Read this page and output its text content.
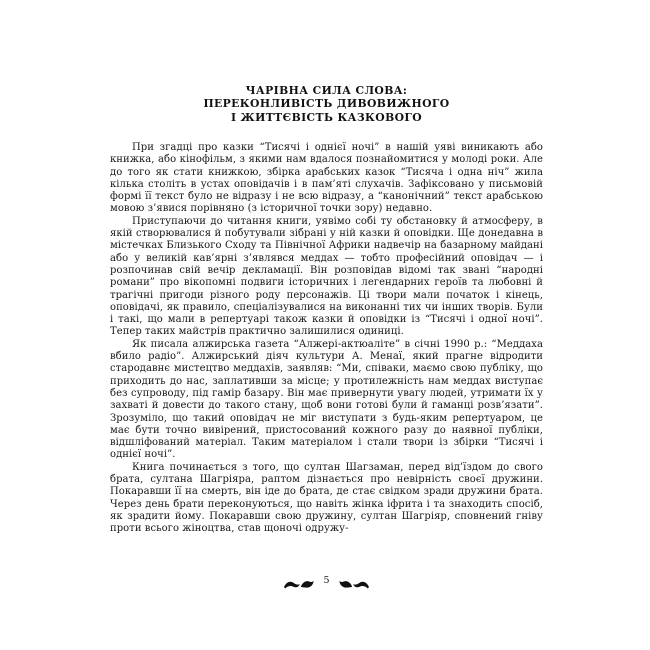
ЧАРІВНА СИЛА СЛОВА:
ПЕРЕКОНЛИВІСТЬ ДИВОВИЖНОГО
І ЖИТТЄВІСТЬ КАЗКОВОГО

При згадці про казки “Тисячі і однієї ночі” в нашій уяві виникають або книжка, або кінофільм, з якими нам вдалося познайомитися у молоді роки. Але до того як стати книжкою, збірка арабських казок “Тисяча і одна ніч” жила кілька століть в устах оповідачів і в пам’яті слухачів. Зафіксовано у письмовій формі її текст було не відразу і не всю відразу, а “канонічний” текст арабською мовою з’явися порівняно (з історичної точки зору) недавно.

Приступаючи до читання книги, уявімо собі ту обстановку й атмосферу, в якій створювалися й побутували зібрані у ній казки й оповідки. Ще донедавна в містечках Близького Сходу та Північної Африки надвечір на базарному майдані або у великій кав’ярні з’являвся меддах — тобто професійний оповідач — і розпочинав свій вечір декламації. Він розповідав відомі так звані “народні романи” про вікопомні подвиги історичних і легендарних героїв та любовні й трагічні пригоди різного роду персонажів. Ці твори мали початок і кінець, оповідачі, як правило, спеціалізувалися на виконанні тих чи інших творів. Були і такі, що мали в репертуарі також казки й оповідки із “Тисячі і одної ночі”. Тепер таких майстрів практично залишилися одиниці.

Як писала алжирська газета “Алжері-актюаліте” в січні 1990 р.: “Меддаха вбило радіо”. Алжирський діяч культури А. Менаї, який прагне відродити стародавнє мистецтво меддахів, заявляв: “Ми, співаки, маємо свою публіку, що приходить до нас, заплативши за місце; у протилежність нам меддах виступає без супроводу, під гамір базару. Він має привернути увагу людей, утримати їх у захваті й довести до такого стану, щоб вони готові були й гаманці розв’язати”. Зрозуміло, що такий оповідач не міг виступати з будь-яким репертуаром, це має бути точно вивірений, пристосований кожного разу до наявної публіки, відшліфований матеріал. Таким матеріалом і стали твори із збірки “Тисячі і однієї ночі”.

Книга починається з того, що султан Шагзаман, перед від’їздом до свого брата, султана Шагріяра, раптом дізнається про невірність своєї дружини. Покаравши її на смерть, він іде до брата, де стає свідком зради дружини брата. Через день брати переконуються, що навіть жінка іфрита і та знаходить спосіб, як зрадити йому. Покаравши свою дружину, султан Шагріяр, сповнений гніву проти всього жіноцтва, став щоночі одружу-

5
